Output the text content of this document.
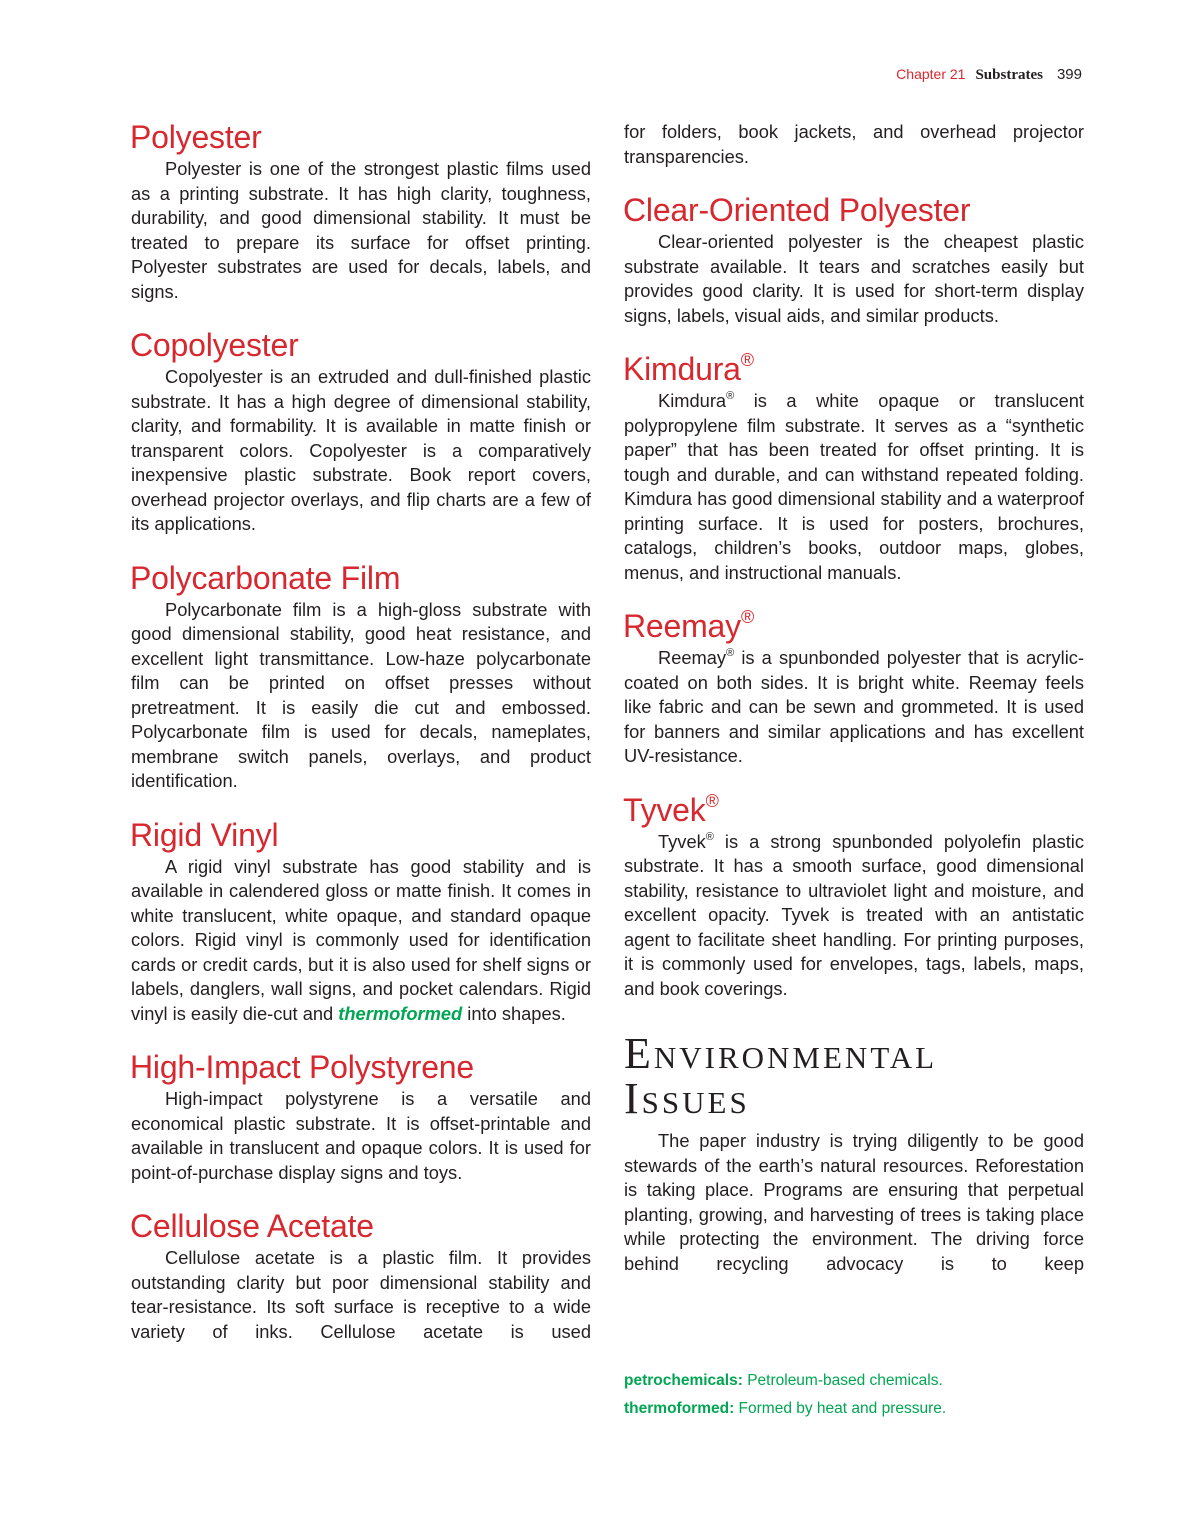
Chapter 21 Substrates 399
Polyester

Polyester is one of the strongest plastic films used as a printing substrate. It has high clarity, toughness, durability, and good dimensional stability. It must be treated to prepare its surface for offset printing. Polyester substrates are used for decals, labels, and signs.

Copolyester

Copolyester is an extruded and dull-finished plastic substrate. It has a high degree of dimensional stability, clarity, and formability. It is available in matte finish or transparent colors. Copolyester is a comparatively inexpensive plastic substrate. Book report covers, overhead projector overlays, and flip charts are a few of its applications.

Polycarbonate Film

Polycarbonate film is a high-gloss substrate with good dimensional stability, good heat resistance, and excellent light transmittance. Low-haze polycarbonate film can be printed on offset presses without pretreatment. It is easily die cut and embossed. Polycarbonate film is used for decals, nameplates, membrane switch panels, overlays, and product identification.

Rigid Vinyl

A rigid vinyl substrate has good stability and is available in calendered gloss or matte finish. It comes in white translucent, white opaque, and standard opaque colors. Rigid vinyl is commonly used for identification cards or credit cards, but it is also used for shelf signs or labels, danglers, wall signs, and pocket calendars. Rigid vinyl is easily die-cut and thermoformed into shapes.

High-Impact Polystyrene

High-impact polystyrene is a versatile and economical plastic substrate. It is offset-printable and available in translucent and opaque colors. It is used for point-of-purchase display signs and toys.

Cellulose Acetate

Cellulose acetate is a plastic film. It provides outstanding clarity but poor dimensional stability and tear-resistance. Its soft surface is receptive to a wide variety of inks. Cellulose acetate is used

for folders, book jackets, and overhead projector transparencies.

Clear-Oriented Polyester

Clear-oriented polyester is the cheapest plastic substrate available. It tears and scratches easily but provides good clarity. It is used for short-term display signs, labels, visual aids, and similar products.

Kimdura®

Kimdura® is a white opaque or translucent polypropylene film substrate. It serves as a “synthetic paper” that has been treated for offset printing. It is tough and durable, and can withstand repeated folding. Kimdura has good dimensional stability and a waterproof printing surface. It is used for posters, brochures, catalogs, children’s books, outdoor maps, globes, menus, and instructional manuals.

Reemay®

Reemay® is a spunbonded polyester that is acrylic-coated on both sides. It is bright white. Reemay feels like fabric and can be sewn and grommeted. It is used for banners and similar applications and has excellent UV-resistance.

Tyvek®

Tyvek® is a strong spunbonded polyolefin plastic substrate. It has a smooth surface, good dimensional stability, resistance to ultraviolet light and moisture, and excellent opacity. Tyvek is treated with an antistatic agent to facilitate sheet handling. For printing purposes, it is commonly used for envelopes, tags, labels, maps, and book coverings.

Environmental
Issues

The paper industry is trying diligently to be good stewards of the earth’s natural resources. Reforestation is taking place. Programs are ensuring that perpetual planting, growing, and harvesting of trees is taking place while protecting the environment. The driving force behind recycling advocacy is to keep

petrochemicals: Petroleum-based chemicals.
thermoformed: Formed by heat and pressure.
